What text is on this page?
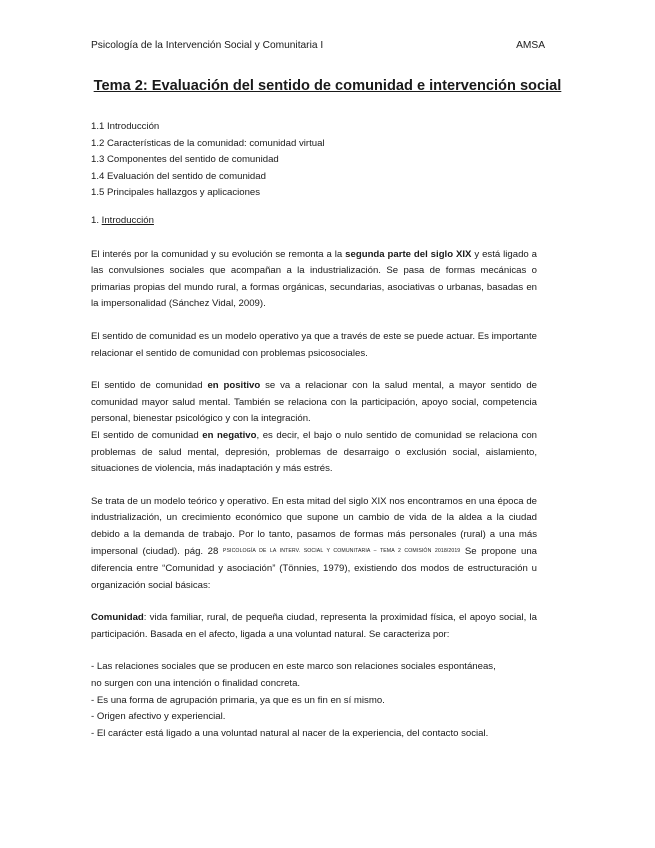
Psicología de la Intervención Social y Comunitaria I	AMSA
Tema 2: Evaluación del sentido de comunidad e intervención social
1.1 Introducción
1.2 Características de la comunidad: comunidad virtual
1.3 Componentes del sentido de comunidad
1.4 Evaluación del sentido de comunidad
1.5 Principales hallazgos y aplicaciones
1. Introducción

El interés por la comunidad y su evolución se remonta a la segunda parte del siglo XIX y está ligado a las convulsiones sociales que acompañan a la industrialización. Se pasa de formas mecánicas o primarias propias del mundo rural, a formas orgánicas, secundarias, asociativas o urbanas, basadas en la impersonalidad (Sánchez Vidal, 2009).

El sentido de comunidad es un modelo operativo ya que a través de este se puede actuar. Es importante relacionar el sentido de comunidad con problemas psicosociales.

El sentido de comunidad en positivo se va a relacionar con la salud mental, a mayor sentido de comunidad mayor salud mental. También se relaciona con la participación, apoyo social, competencia personal, bienestar psicológico y con la integración.

El sentido de comunidad en negativo, es decir, el bajo o nulo sentido de comunidad se relaciona con problemas de salud mental, depresión, problemas de desarraigo o exclusión social, aislamiento, situaciones de violencia, más inadaptación y más estrés.

Se trata de un modelo teórico y operativo. En esta mitad del siglo XIX nos encontramos en una época de industrialización, un crecimiento económico que supone un cambio de vida de la aldea a la ciudad debido a la demanda de trabajo. Por lo tanto, pasamos de formas más personales (rural) a una más impersonal (ciudad). pág. 28 $^{PSICOLOGÍA DE LA INTERV. SOCIAL Y COMUNITARIA - TEMA 2 COMISIÓN 2018/2019}$ Se propone una diferencia entre “Comunidad y asociación” (Tönnies, 1979), existiendo dos modos de estructuración u organización social básicas:

Comunidad: vida familiar, rural, de pequeña ciudad, representa la proximidad física, el apoyo social, la participación. Basada en el afecto, ligada a una voluntad natural. Se caracteriza por:

- Las relaciones sociales que se producen en este marco son relaciones sociales espontáneas,
no surgen con una intención o finalidad concreta.
- Es una forma de agrupación primaria, ya que es un fin en sí mismo.
- Origen afectivo y experiencial.
- El carácter está ligado a una voluntad natural al nacer de la experiencia, del contacto social.
